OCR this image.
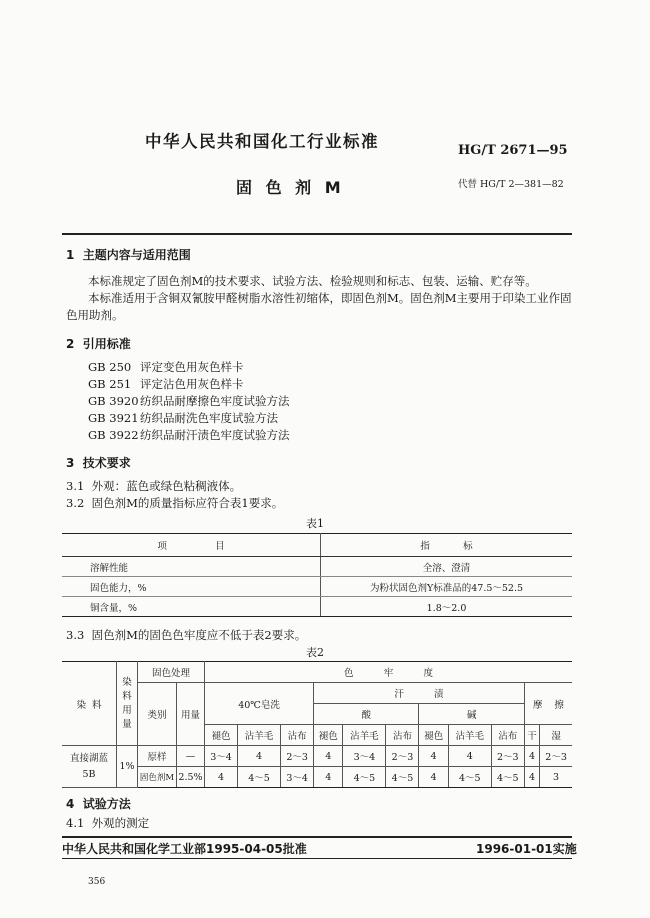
中华人民共和国化工行业标准	HG/T 2671—95
固 色 剂 M	代替 HG/T 2—381—82
1  主题内容与适用范围
本标准规定了固色剂M的技术要求、试验方法、检验规则和标志、包装、运输、贮存等。
本标准适用于含铜双氰胺甲醛树脂水溶性初缩体，即固色剂M。固色剂M主要用于印染工业作固
色用助剂。
2  引用标准
GB 250 评定变色用灰色样卡
GB 251 评定沾色用灰色样卡
GB 3920纺织品耐摩擦色牢度试验方法
GB 3921纺织品耐洗色牢度试验方法
GB 3922纺织品耐汗渍色牢度试验方法
3  技术要求
3.1  外观：蓝色或绿色粘稠液体。
3.2  固色剂M的质量指标应符合表1要求。
表1
项                目	指           标
溶解性能	全溶、澄清
固色能力，%	为粉状固色剂Y标准品的47.5～52.5
铜含量，%	1.8～2.0
3.3  固色剂M的固色色牢度应不低于表2要求。
表2
染  料	染料用量	固色处理		色          牢          度										
		类别	用量	40℃皂洗			汗          渍						摩    擦	
							酸			碱				
				褪色	沾羊毛	沾布	褪色	沾羊毛	沾布	褪色	沾羊毛	沾布	干	湿

直接湖蓝
5B	1%	原样	—	3～4	4	2～3	4	3～4	2～3	4	4	2～3	4	2～3
		固色剂M	2.5%	4	4～5	3～4	4	4～5	4～5	4	4～5	4～5	4	3
4  试验方法
4.1  外观的测定
中华人民共和国化学工业部1995-04-05批准	1996-01-01实施
356
